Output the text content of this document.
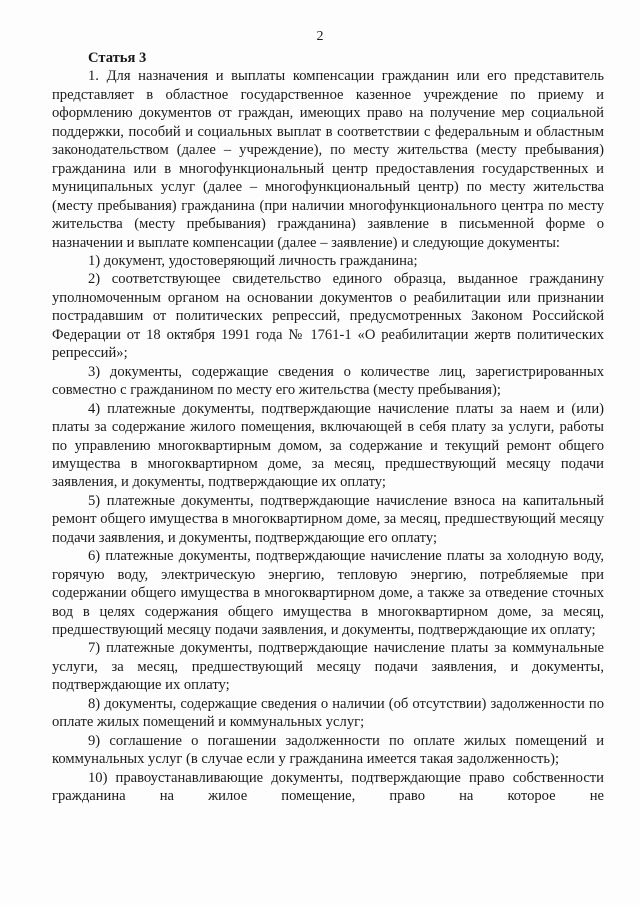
2
Статья 3

1. Для назначения и выплаты компенсации гражданин или его представитель представляет в областное государственное казенное учреждение по приему и оформлению документов от граждан, имеющих право на получение мер социальной поддержки, пособий и социальных выплат в соответствии с федеральным и областным законодательством (далее – учреждение), по месту жительства (месту пребывания) гражданина или в многофункциональный центр предоставления государственных и муниципальных услуг (далее – многофункциональный центр) по месту жительства (месту пребывания) гражданина (при наличии многофункционального центра по месту жительства (месту пребывания) гражданина) заявление в письменной форме о назначении и выплате компенсации (далее – заявление) и следующие документы:

1) документ, удостоверяющий личность гражданина;

2) соответствующее свидетельство единого образца, выданное гражданину уполномоченным органом на основании документов о реабилитации или признании пострадавшим от политических репрессий, предусмотренных Законом Российской Федерации от 18 октября 1991 года № 1761-1 «О реабилитации жертв политических репрессий»;

3) документы, содержащие сведения о количестве лиц, зарегистрированных совместно с гражданином по месту его жительства (месту пребывания);

4) платежные документы, подтверждающие начисление платы за наем и (или) платы за содержание жилого помещения, включающей в себя плату за услуги, работы по управлению многоквартирным домом, за содержание и текущий ремонт общего имущества в многоквартирном доме, за месяц, предшествующий месяцу подачи заявления, и документы, подтверждающие их оплату;

5) платежные документы, подтверждающие начисление взноса на капитальный ремонт общего имущества в многоквартирном доме, за месяц, предшествующий месяцу подачи заявления, и документы, подтверждающие его оплату;

6) платежные документы, подтверждающие начисление платы за холодную воду, горячую воду, электрическую энергию, тепловую энергию, потребляемые при содержании общего имущества в многоквартирном доме, а также за отведение сточных вод в целях содержания общего имущества в многоквартирном доме, за месяц, предшествующий месяцу подачи заявления, и документы, подтверждающие их оплату;

7) платежные документы, подтверждающие начисление платы за коммунальные услуги, за месяц, предшествующий месяцу подачи заявления, и документы, подтверждающие их оплату;

8) документы, содержащие сведения о наличии (об отсутствии) задолженности по оплате жилых помещений и коммунальных услуг;

9) соглашение о погашении задолженности по оплате жилых помещений и коммунальных услуг (в случае если у гражданина имеется такая задолженность);

10) правоустанавливающие документы, подтверждающие право собственности гражданина на жилое помещение, право на которое не
